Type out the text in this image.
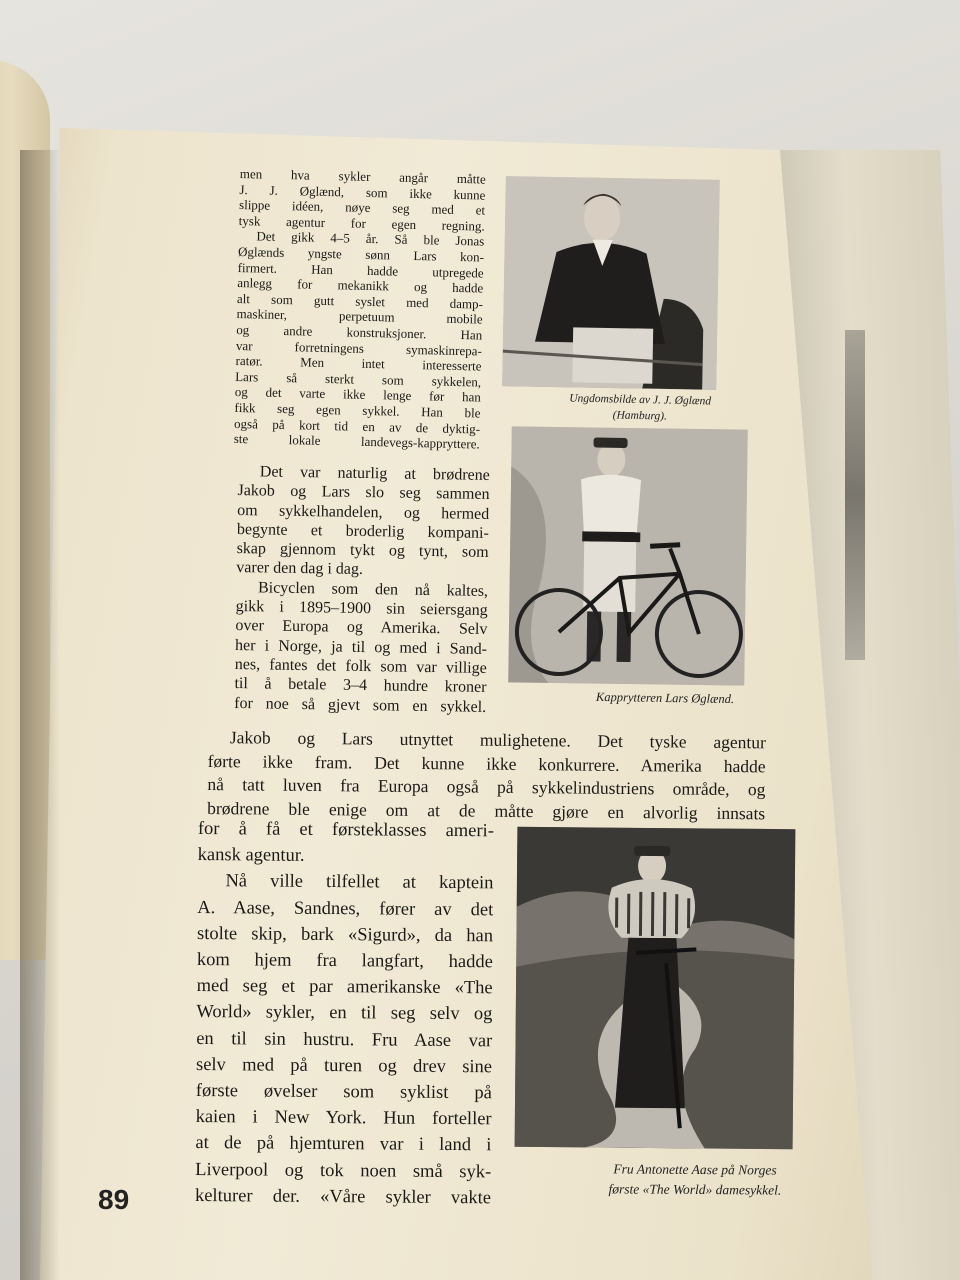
men hva sykler angår måtte
J. J. Øglænd, som ikke kunne
slippe idéen, nøye seg med et
tysk agentur for egen regning.
Det gikk 4–5 år. Så ble Jonas
Øglænds yngste sønn Lars kon-
firmert. Han hadde utpregede
anlegg for mekanikk og hadde
alt som gutt syslet med damp-
maskiner, perpetuum mobile
og andre konstruksjoner. Han
var forretningens symaskinrepa-
ratør. Men intet interesserte
Lars så sterkt som sykkelen,
og det varte ikke lenge før han
fikk seg egen sykkel. Han ble
også på kort tid en av de dyktig-
ste lokale landevegs-kappryttere.
Det var naturlig at brødrene
Jakob og Lars slo seg sammen
om sykkelhandelen, og hermed
begynte et broderlig kompani-
skap gjennom tykt og tynt, som
varer den dag i dag.
Bicyclen som den nå kaltes,
gikk i 1895–1900 sin seiersgang
over Europa og Amerika. Selv
her i Norge, ja til og med i Sand-
nes, fantes det folk som var villige
til å betale 3–4 hundre kroner
for noe så gjevt som en sykkel.
Jakob og Lars utnyttet mulighetene. Det tyske agentur
førte ikke fram. Det kunne ikke konkurrere. Amerika hadde
nå tatt luven fra Europa også på sykkelindustriens område, og
brødrene ble enige om at de måtte gjøre en alvorlig innsats
for å få et førsteklasses ameri-
kansk agentur.
Nå ville tilfellet at kaptein
A. Aase, Sandnes, fører av det
stolte skip, bark «Sigurd», da han
kom hjem fra langfart, hadde
med seg et par amerikanske «The
World» sykler, en til seg selv og
en til sin hustru. Fru Aase var
selv med på turen og drev sine
første øvelser som syklist på
kaien i New York. Hun forteller
at de på hjemturen var i land i
Liverpool og tok noen små syk-
kelturer der. «Våre sykler vakte
Ungdomsbilde av J. J. Øglænd
(Hamburg).
Kapprytteren Lars Øglænd.
Fru Antonette Aase på Norges
første «The World» damesykkel.
89
